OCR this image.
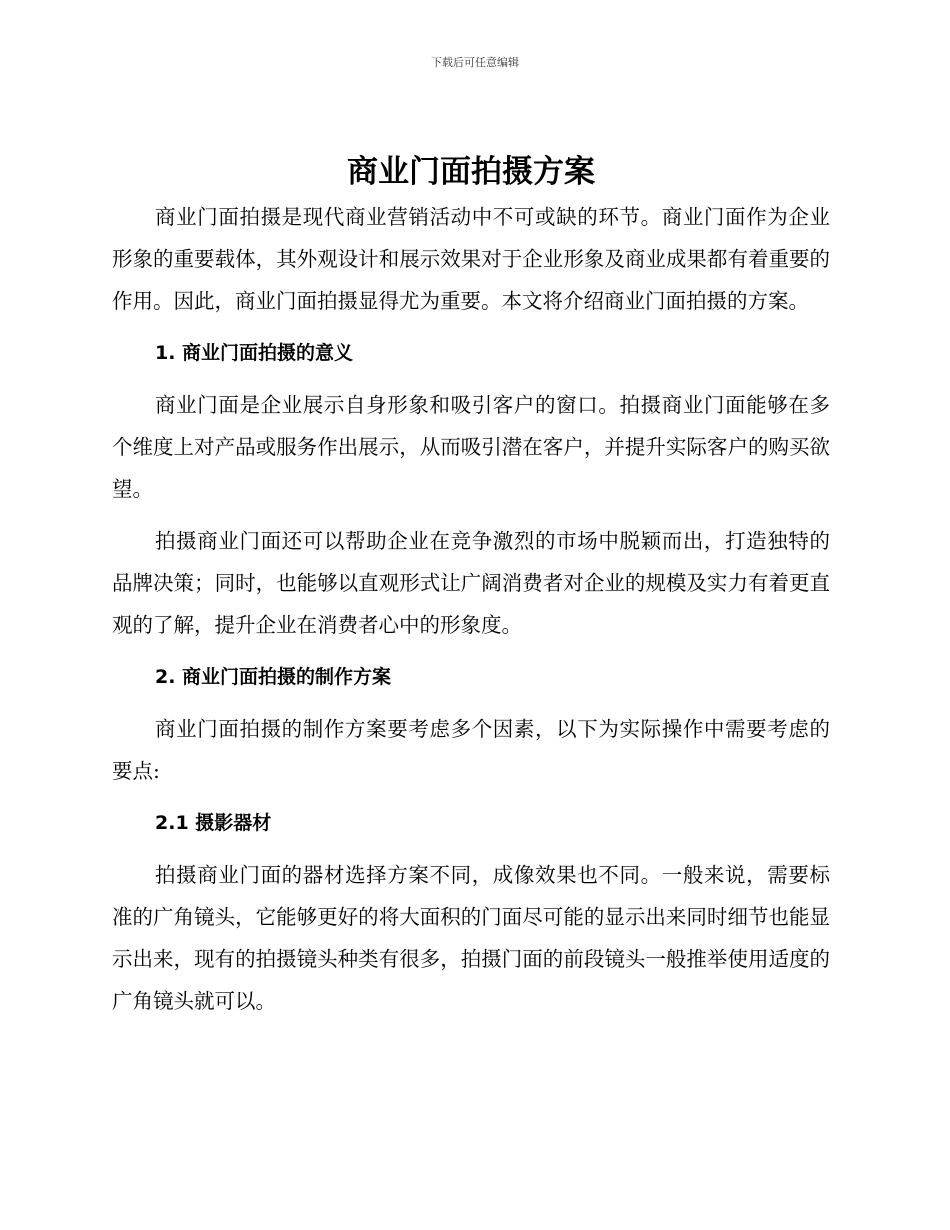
下载后可任意编辑
商业门面拍摄方案

商业门面拍摄是现代商业营销活动中不可或缺的环节。商业门面作为企业形象的重要载体，其外观设计和展示效果对于企业形象及商业成果都有着重要的作用。因此，商业门面拍摄显得尤为重要。本文将介绍商业门面拍摄的方案。

1. 商业门面拍摄的意义

商业门面是企业展示自身形象和吸引客户的窗口。拍摄商业门面能够在多个维度上对产品或服务作出展示，从而吸引潜在客户，并提升实际客户的购买欲望。

拍摄商业门面还可以帮助企业在竞争激烈的市场中脱颖而出，打造独特的品牌决策；同时，也能够以直观形式让广阔消费者对企业的规模及实力有着更直观的了解，提升企业在消费者心中的形象度。

2. 商业门面拍摄的制作方案

商业门面拍摄的制作方案要考虑多个因素，以下为实际操作中需要考虑的要点:

2.1 摄影器材

拍摄商业门面的器材选择方案不同，成像效果也不同。一般来说，需要标准的广角镜头，它能够更好的将大面积的门面尽可能的显示出来同时细节也能显示出来，现有的拍摄镜头种类有很多，拍摄门面的前段镜头一般推举使用适度的广角镜头就可以。
